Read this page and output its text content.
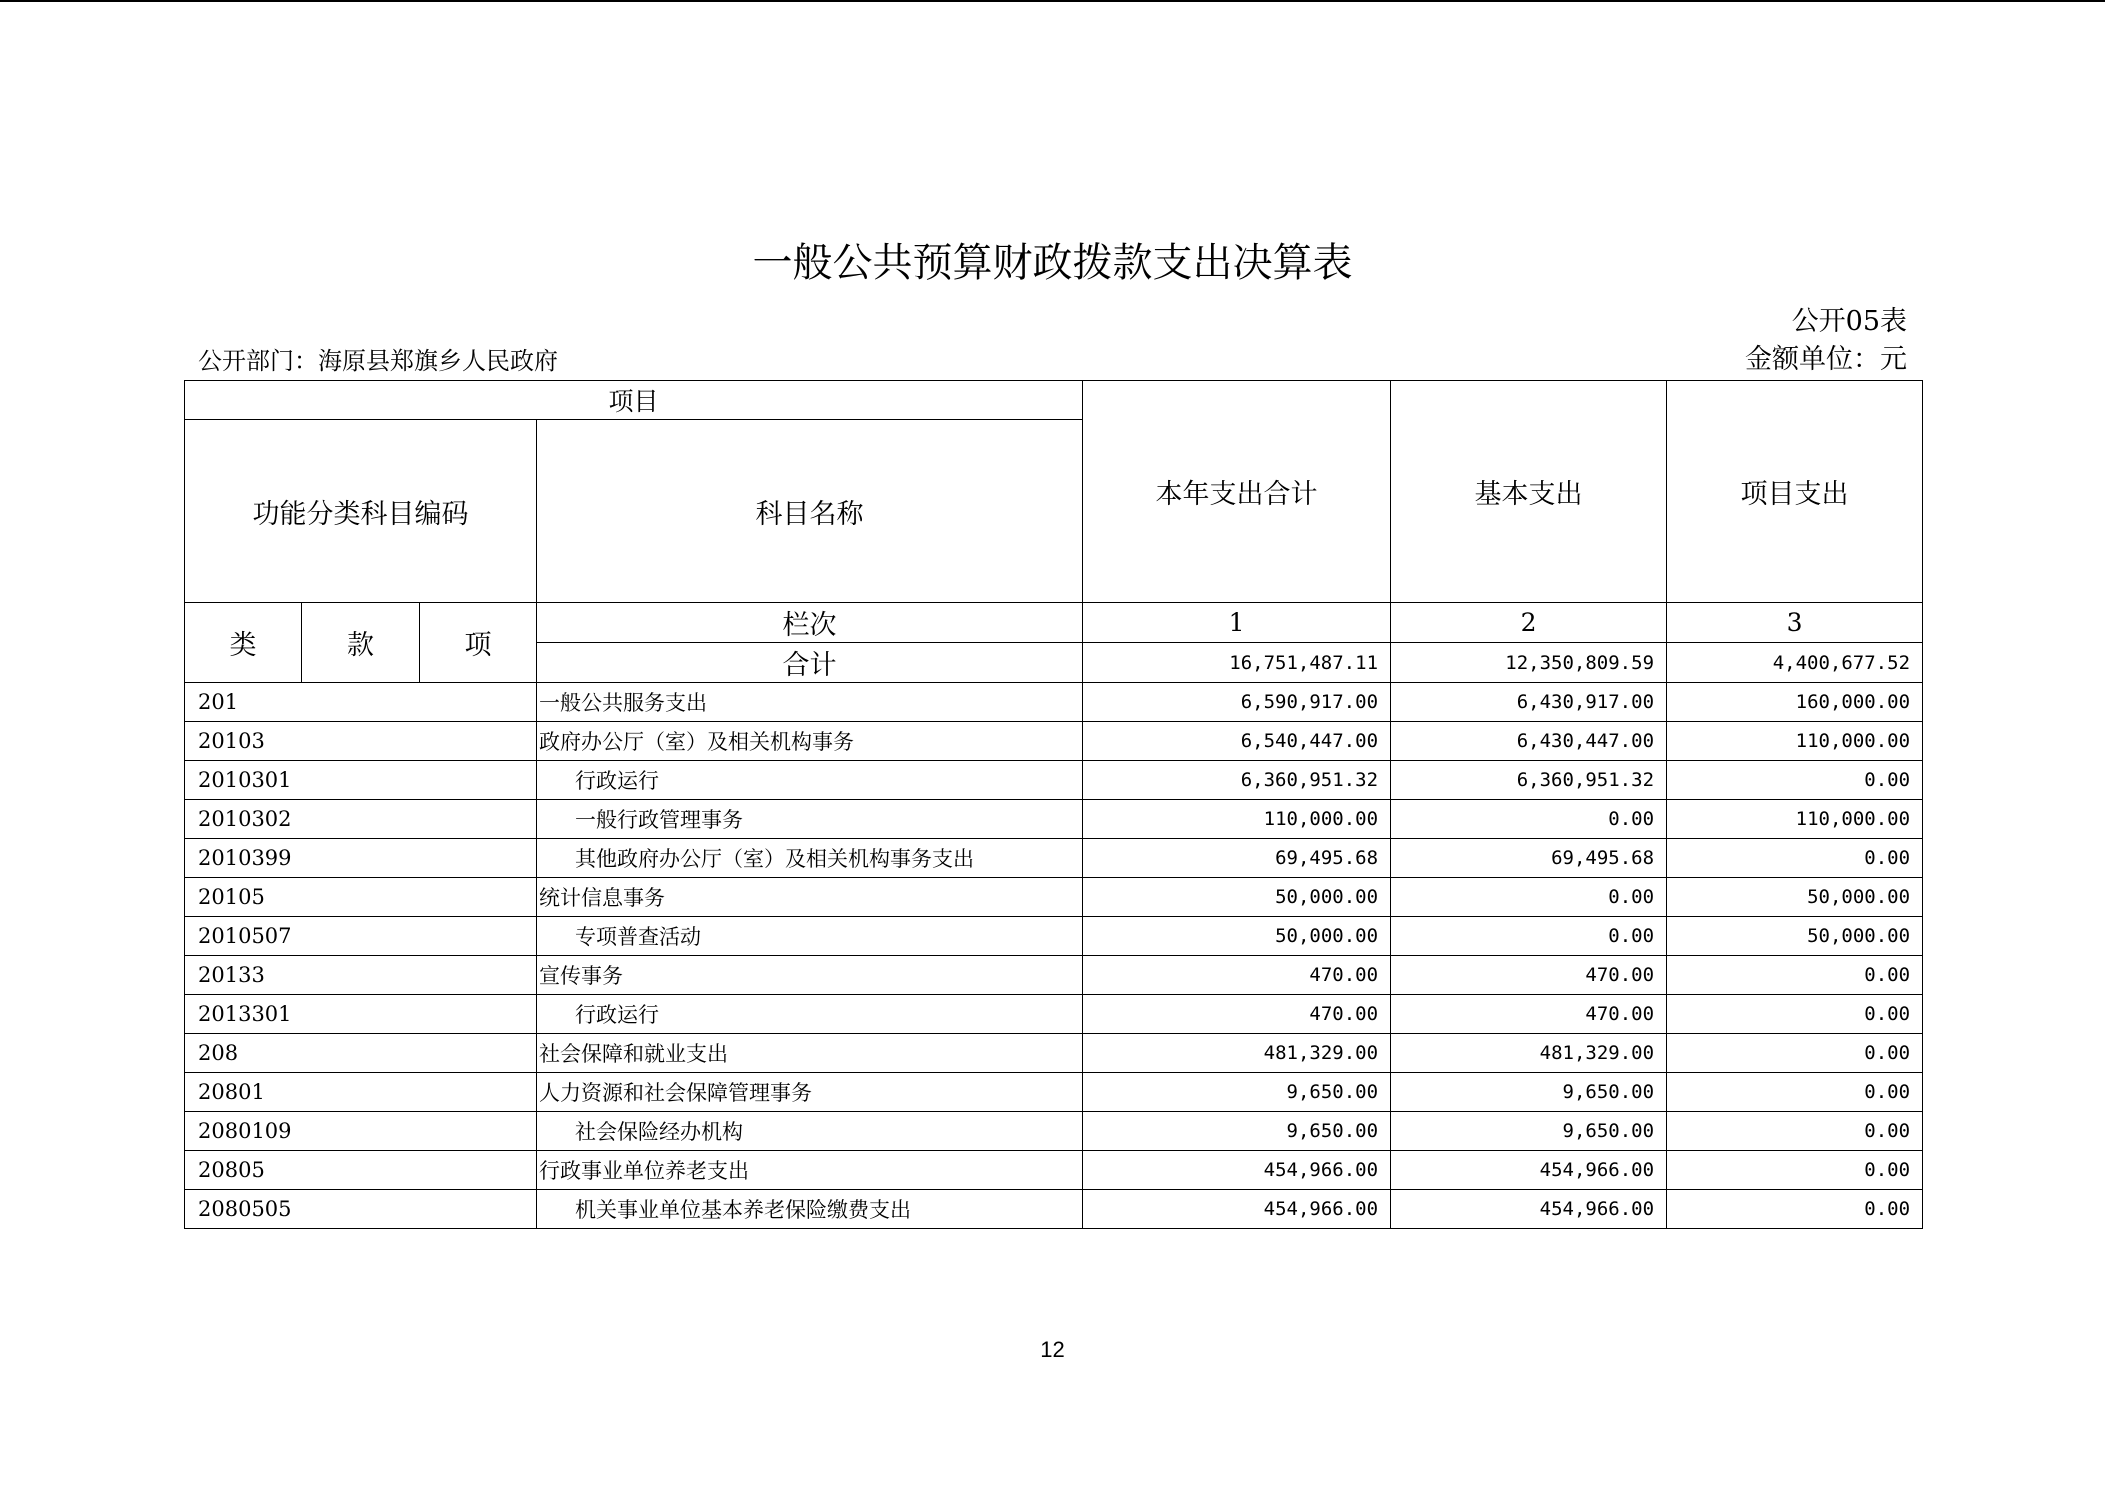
一般公共预算财政拨款支出决算表
公开05表
公开部门：海原县郑旗乡人民政府	金额单位：元
项目				本年支出合计	基本支出	项目支出
功能分类科目编码			科目名称			
类	款	项	栏次	1	2	3
			合计	16,751,487.11	12,350,809.59	4,400,677.52
201			一般公共服务支出	6,590,917.00	6,430,917.00	160,000.00
20103			政府办公厅（室）及相关机构事务	6,540,447.00	6,430,447.00	110,000.00
2010301			行政运行	6,360,951.32	6,360,951.32	0.00
2010302			一般行政管理事务	110,000.00	0.00	110,000.00
2010399			其他政府办公厅（室）及相关机构事务支出	69,495.68	69,495.68	0.00
20105			统计信息事务	50,000.00	0.00	50,000.00
2010507			专项普查活动	50,000.00	0.00	50,000.00
20133			宣传事务	470.00	470.00	0.00
2013301			行政运行	470.00	470.00	0.00
208			社会保障和就业支出	481,329.00	481,329.00	0.00
20801			人力资源和社会保障管理事务	9,650.00	9,650.00	0.00
2080109			社会保险经办机构	9,650.00	9,650.00	0.00
20805			行政事业单位养老支出	454,966.00	454,966.00	0.00
2080505			机关事业单位基本养老保险缴费支出	454,966.00	454,966.00	0.00
12
